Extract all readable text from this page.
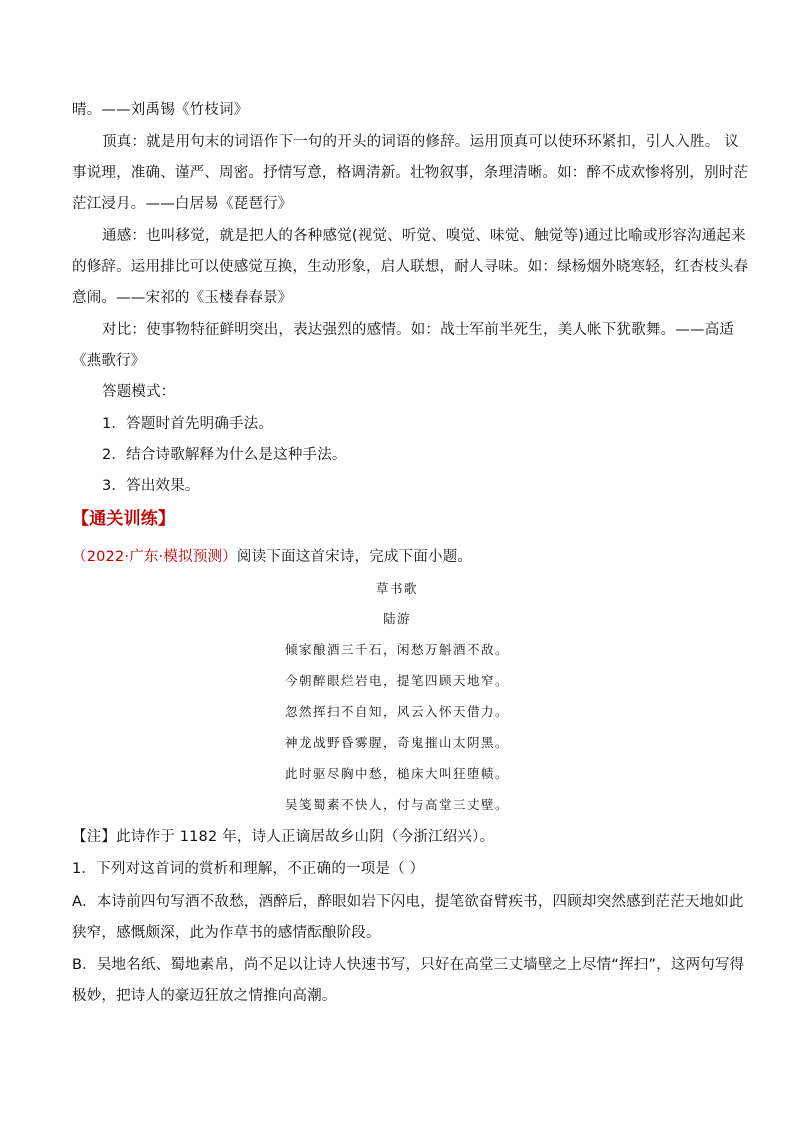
晴。——刘禹锡《竹枝词》
顶真：就是用句末的词语作下一句的开头的词语的修辞。运用顶真可以使环环紧扣，引人入胜。 议
事说理，准确、谨严、周密。抒情写意，格调清新。壮物叙事，条理清晰。如：醉不成欢惨将别，别时茫
茫江浸月。——白居易《琵琶行》
通感：也叫移觉，就是把人的各种感觉(视觉、听觉、嗅觉、味觉、触觉等)通过比喻或形容沟通起来
的修辞。运用排比可以使感觉互换，生动形象，启人联想，耐人寻味。如：绿杨烟外晓寒轻，红杏枝头春
意闹。——宋祁的《玉楼春春景》
对比：使事物特征鲜明突出，表达强烈的感情。如：战士军前半死生，美人帐下犹歌舞。——高适
《燕歌行》
答题模式：
1．答题时首先明确手法。
2．结合诗歌解释为什么是这种手法。
3．答出效果。
【通关训练】
（2022·广东·模拟预测）阅读下面这首宋诗，完成下面小题。
草书歌
陆游
倾家酿酒三千石，闲愁万斛酒不敌。
今朝醉眼烂岩电，提笔四顾天地窄。
忽然挥扫不自知，风云入怀天借力。
神龙战野昏雾腥，奇鬼摧山太阴黑。
此时驱尽胸中愁，槌床大叫狂堕帻。
吴笺蜀素不快人，付与高堂三丈壁。
【注】此诗作于 1182 年，诗人正谪居故乡山阴（今浙江绍兴）。
1．下列对这首词的赏析和理解，不正确的一项是（ ）
A．本诗前四句写酒不敌愁，酒醉后，醉眼如岩下闪电，提笔欲奋臂疾书，四顾却突然感到茫茫天地如此
狭窄，感慨颇深，此为作草书的感情酝酿阶段。
B．吴地名纸、蜀地素帛，尚不足以让诗人快速书写，只好在高堂三丈墙壁之上尽情“挥扫”，这两句写得
极妙，把诗人的豪迈狂放之情推向高潮。
